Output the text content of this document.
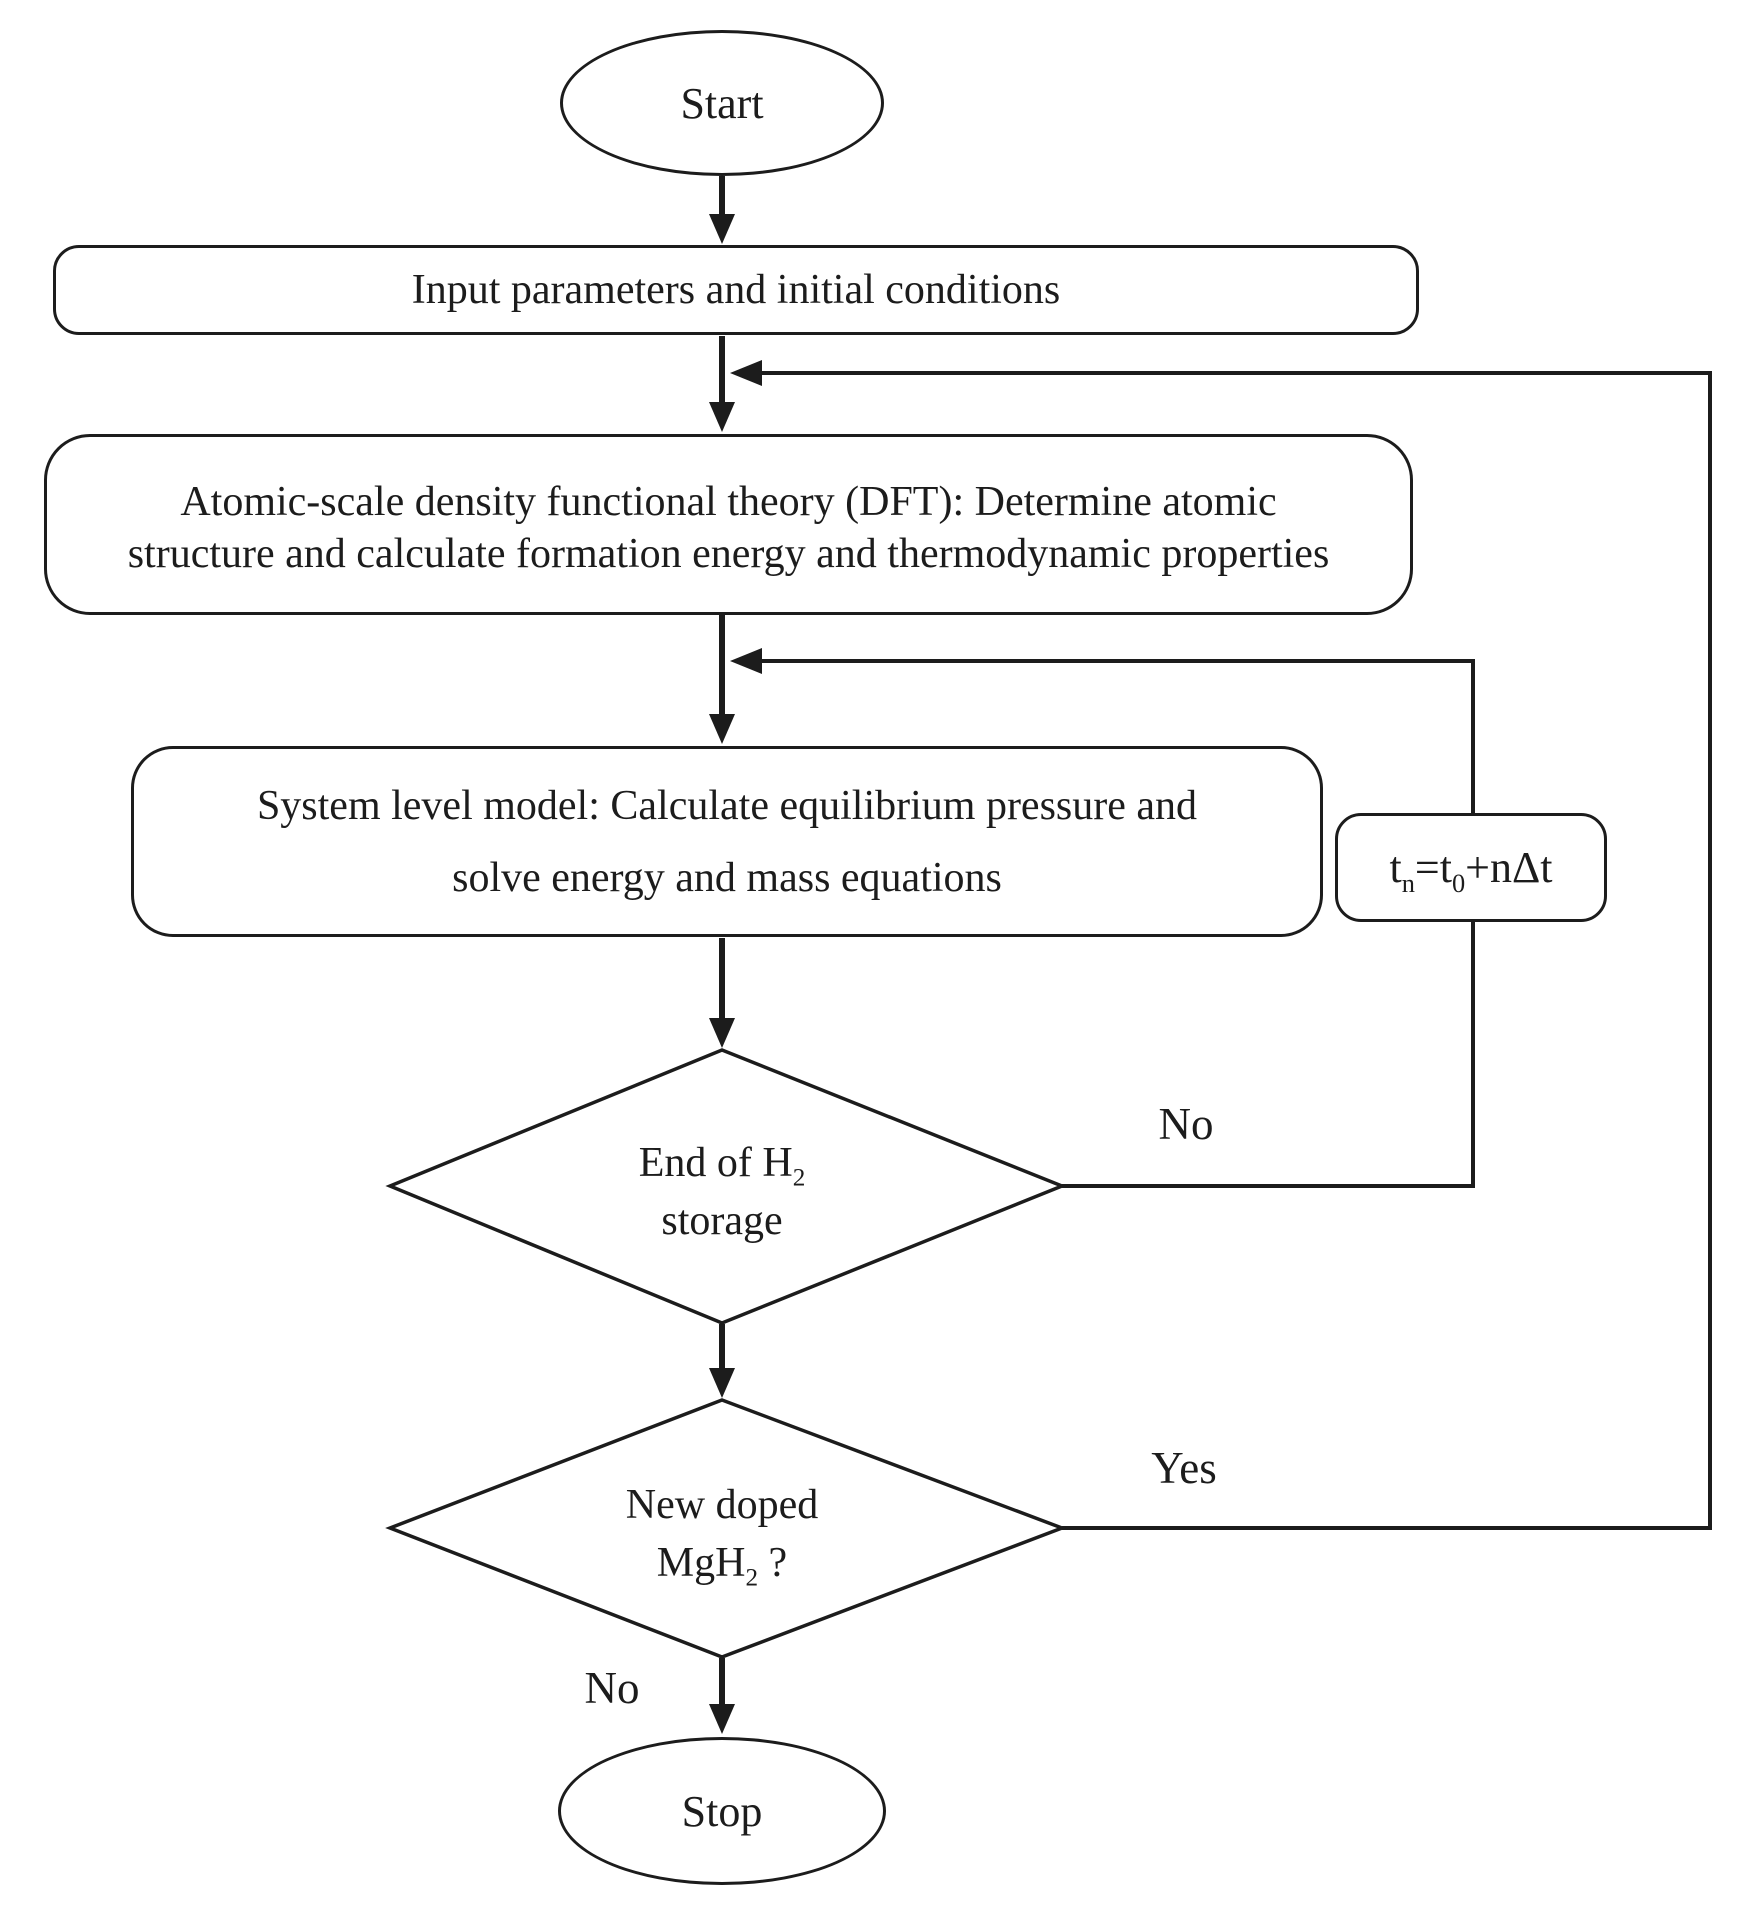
Start
Input parameters and initial conditions
Atomic-scale density functional theory (DFT): Determine atomic
structure and calculate formation energy and thermodynamic properties
System level model: Calculate equilibrium pressure and
solve energy and mass equations	$t_n=t_0+n\Delta t$
End of $H_2$
storage
New doped
MgH$_2$ ?
Stop
No
Yes
No
